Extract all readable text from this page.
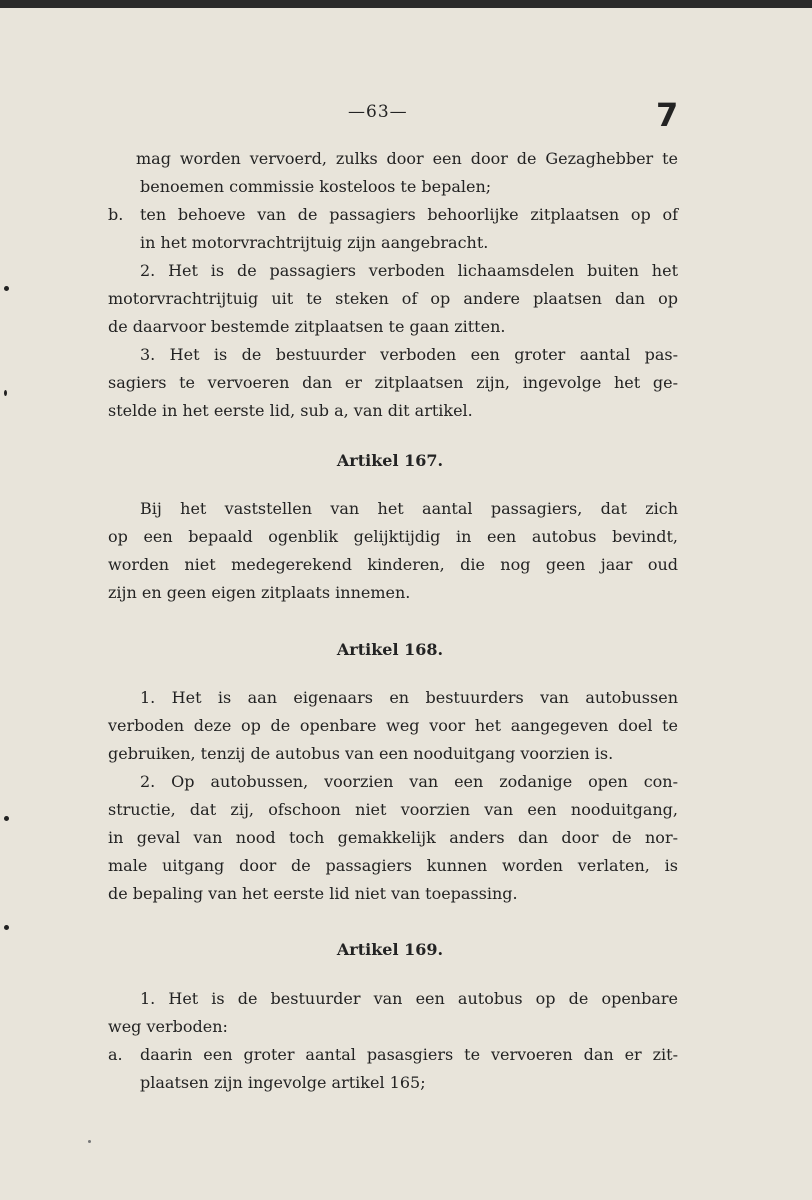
—63—	7
mag worden vervoerd, zulks door een door de Gezaghebber te
benoemen commissie kosteloos te bepalen;
b.	ten behoeve van de passagiers behoorlijke zitplaatsen op of
in het motorvrachtrijtuig zijn aangebracht.
2. Het is de passagiers verboden lichaamsdelen buiten het
motorvrachtrijtuig uit te steken of op andere plaatsen dan op
de daarvoor bestemde zitplaatsen te gaan zitten.
3. Het is de bestuurder verboden een groter aantal pas-
sagiers te vervoeren dan er zitplaatsen zijn, ingevolge het ge-
stelde in het eerste lid, sub a, van dit artikel.
Artikel 167.
Bij het vaststellen van het aantal passagiers, dat zich
op een bepaald ogenblik gelijktijdig in een autobus bevindt,
worden niet medegerekend kinderen, die nog geen jaar oud
zijn en geen eigen zitplaats innemen.
Artikel 168.
1. Het is aan eigenaars en bestuurders van autobussen
verboden deze op de openbare weg voor het aangegeven doel te
gebruiken, tenzij de autobus van een nooduitgang voorzien is.
2. Op autobussen, voorzien van een zodanige open con-
structie, dat zij, ofschoon niet voorzien van een nooduitgang,
in geval van nood toch gemakkelijk anders dan door de nor-
male uitgang door de passagiers kunnen worden verlaten, is
de bepaling van het eerste lid niet van toepassing.
Artikel 169.
1. Het is de bestuurder van een autobus op de openbare
weg verboden:
a.	daarin een groter aantal pasasgiers te vervoeren dan er zit-
plaatsen zijn ingevolge artikel 165;
